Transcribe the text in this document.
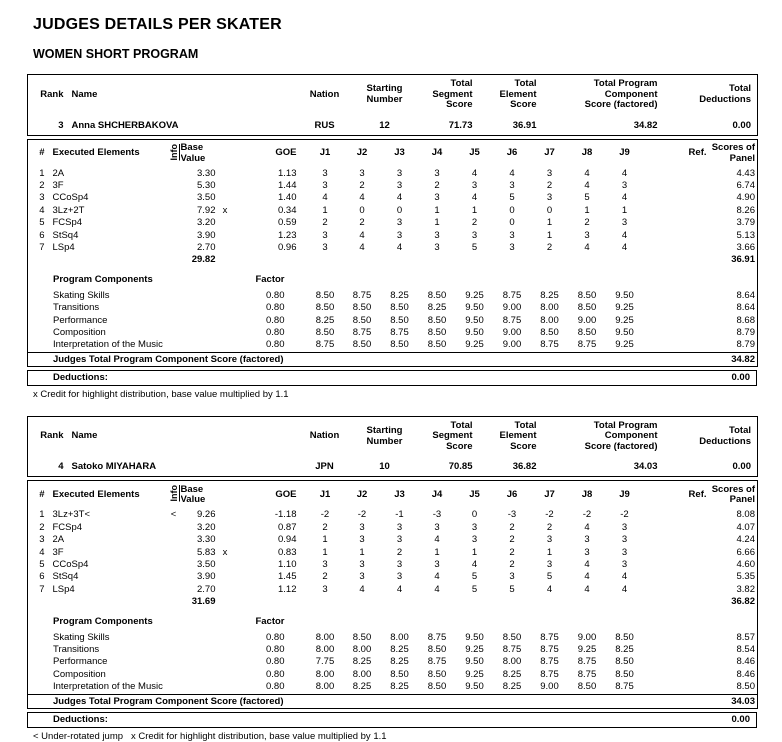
JUDGES DETAILS PER SKATER
WOMEN SHORT PROGRAM
Rank	Name	Nation	Starting
Number	Total
Segment
Score	Total
Element
Score	Total Program Component
Score (factored)	Total
Deductions
3	Anna SHCHERBAKOVA	RUS	12	71.73	36.91	34.82	0.00
#	Executed Elements	Info	Base
Value		GOE	J1	J2	J3	J4	J5	J6	J7	J8	J9	Ref.	Scores of
Panel
1	2A		3.30		1.13	3	3	3	3	4	4	3	4	4		4.43
2	3F		5.30		1.44	3	2	3	2	3	3	2	4	3		6.74
3	CCoSp4		3.50		1.40	4	4	4	3	4	5	3	5	4		4.90
4	3Lz+2T		7.92	x	0.34	1	0	0	1	1	0	0	1	1		8.26
5	FCSp4		3.20		0.59	2	2	3	1	2	0	1	2	3		3.79
6	StSq4		3.90		1.23	3	4	3	3	3	3	1	3	4		5.13
7	LSp4		2.70		0.96	3	4	4	3	5	3	2	4	4		3.66
			29.82													36.91

Program Components			Factor													
Skating Skills			0.80			8.50	8.75	8.25	8.50	9.25	8.75	8.25	8.50	9.50		8.64
Transitions			0.80			8.50	8.50	8.50	8.25	9.50	9.00	8.00	8.50	9.25		8.64
Performance			0.80			8.25	8.50	8.50	8.50	9.50	8.75	8.00	9.00	9.25		8.68
Composition			0.80			8.50	8.75	8.75	8.50	9.50	9.00	8.50	8.50	9.50		8.79
Interpretation of the Music			0.80			8.75	8.50	8.50	8.50	9.25	9.00	8.75	8.75	9.25		8.79
Judges Total Program Component Score (factored)																34.82
Deductions:	0.00
x Credit for highlight distribution, base value multiplied by 1.1
Rank	Name	Nation	Starting
Number	Total
Segment
Score	Total
Element
Score	Total Program Component
Score (factored)	Total
Deductions
4	Satoko MIYAHARA	JPN	10	70.85	36.82	34.03	0.00
#	Executed Elements	Info	Base
Value		GOE	J1	J2	J3	J4	J5	J6	J7	J8	J9	Ref.	Scores of
Panel
1	3Lz+3T<	<	9.26		-1.18	-2	-2	-1	-3	0	-3	-2	-2	-2		8.08
2	FCSp4		3.20		0.87	2	3	3	3	3	2	2	4	3		4.07
3	2A		3.30		0.94	1	3	3	4	3	2	3	3	3		4.24
4	3F		5.83	x	0.83	1	1	2	1	1	2	1	3	3		6.66
5	CCoSp4		3.50		1.10	3	3	3	3	4	2	3	4	3		4.60
6	StSq4		3.90		1.45	2	3	3	4	5	3	5	4	4		5.35
7	LSp4		2.70		1.12	3	4	4	4	5	5	4	4	4		3.82
			31.69													36.82

Program Components			Factor													
Skating Skills			0.80			8.00	8.50	8.00	8.75	9.50	8.50	8.75	9.00	8.50		8.57
Transitions			0.80			8.00	8.00	8.25	8.50	9.25	8.75	8.75	9.25	8.25		8.54
Performance			0.80			7.75	8.25	8.25	8.75	9.50	8.00	8.75	8.75	8.50		8.46
Composition			0.80			8.00	8.00	8.50	8.50	9.25	8.25	8.75	8.75	8.50		8.46
Interpretation of the Music			0.80			8.00	8.25	8.25	8.50	9.50	8.25	9.00	8.50	8.75		8.50
Judges Total Program Component Score (factored)																34.03
Deductions:	0.00
< Under-rotated jump   x Credit for highlight distribution, base value multiplied by 1.1
